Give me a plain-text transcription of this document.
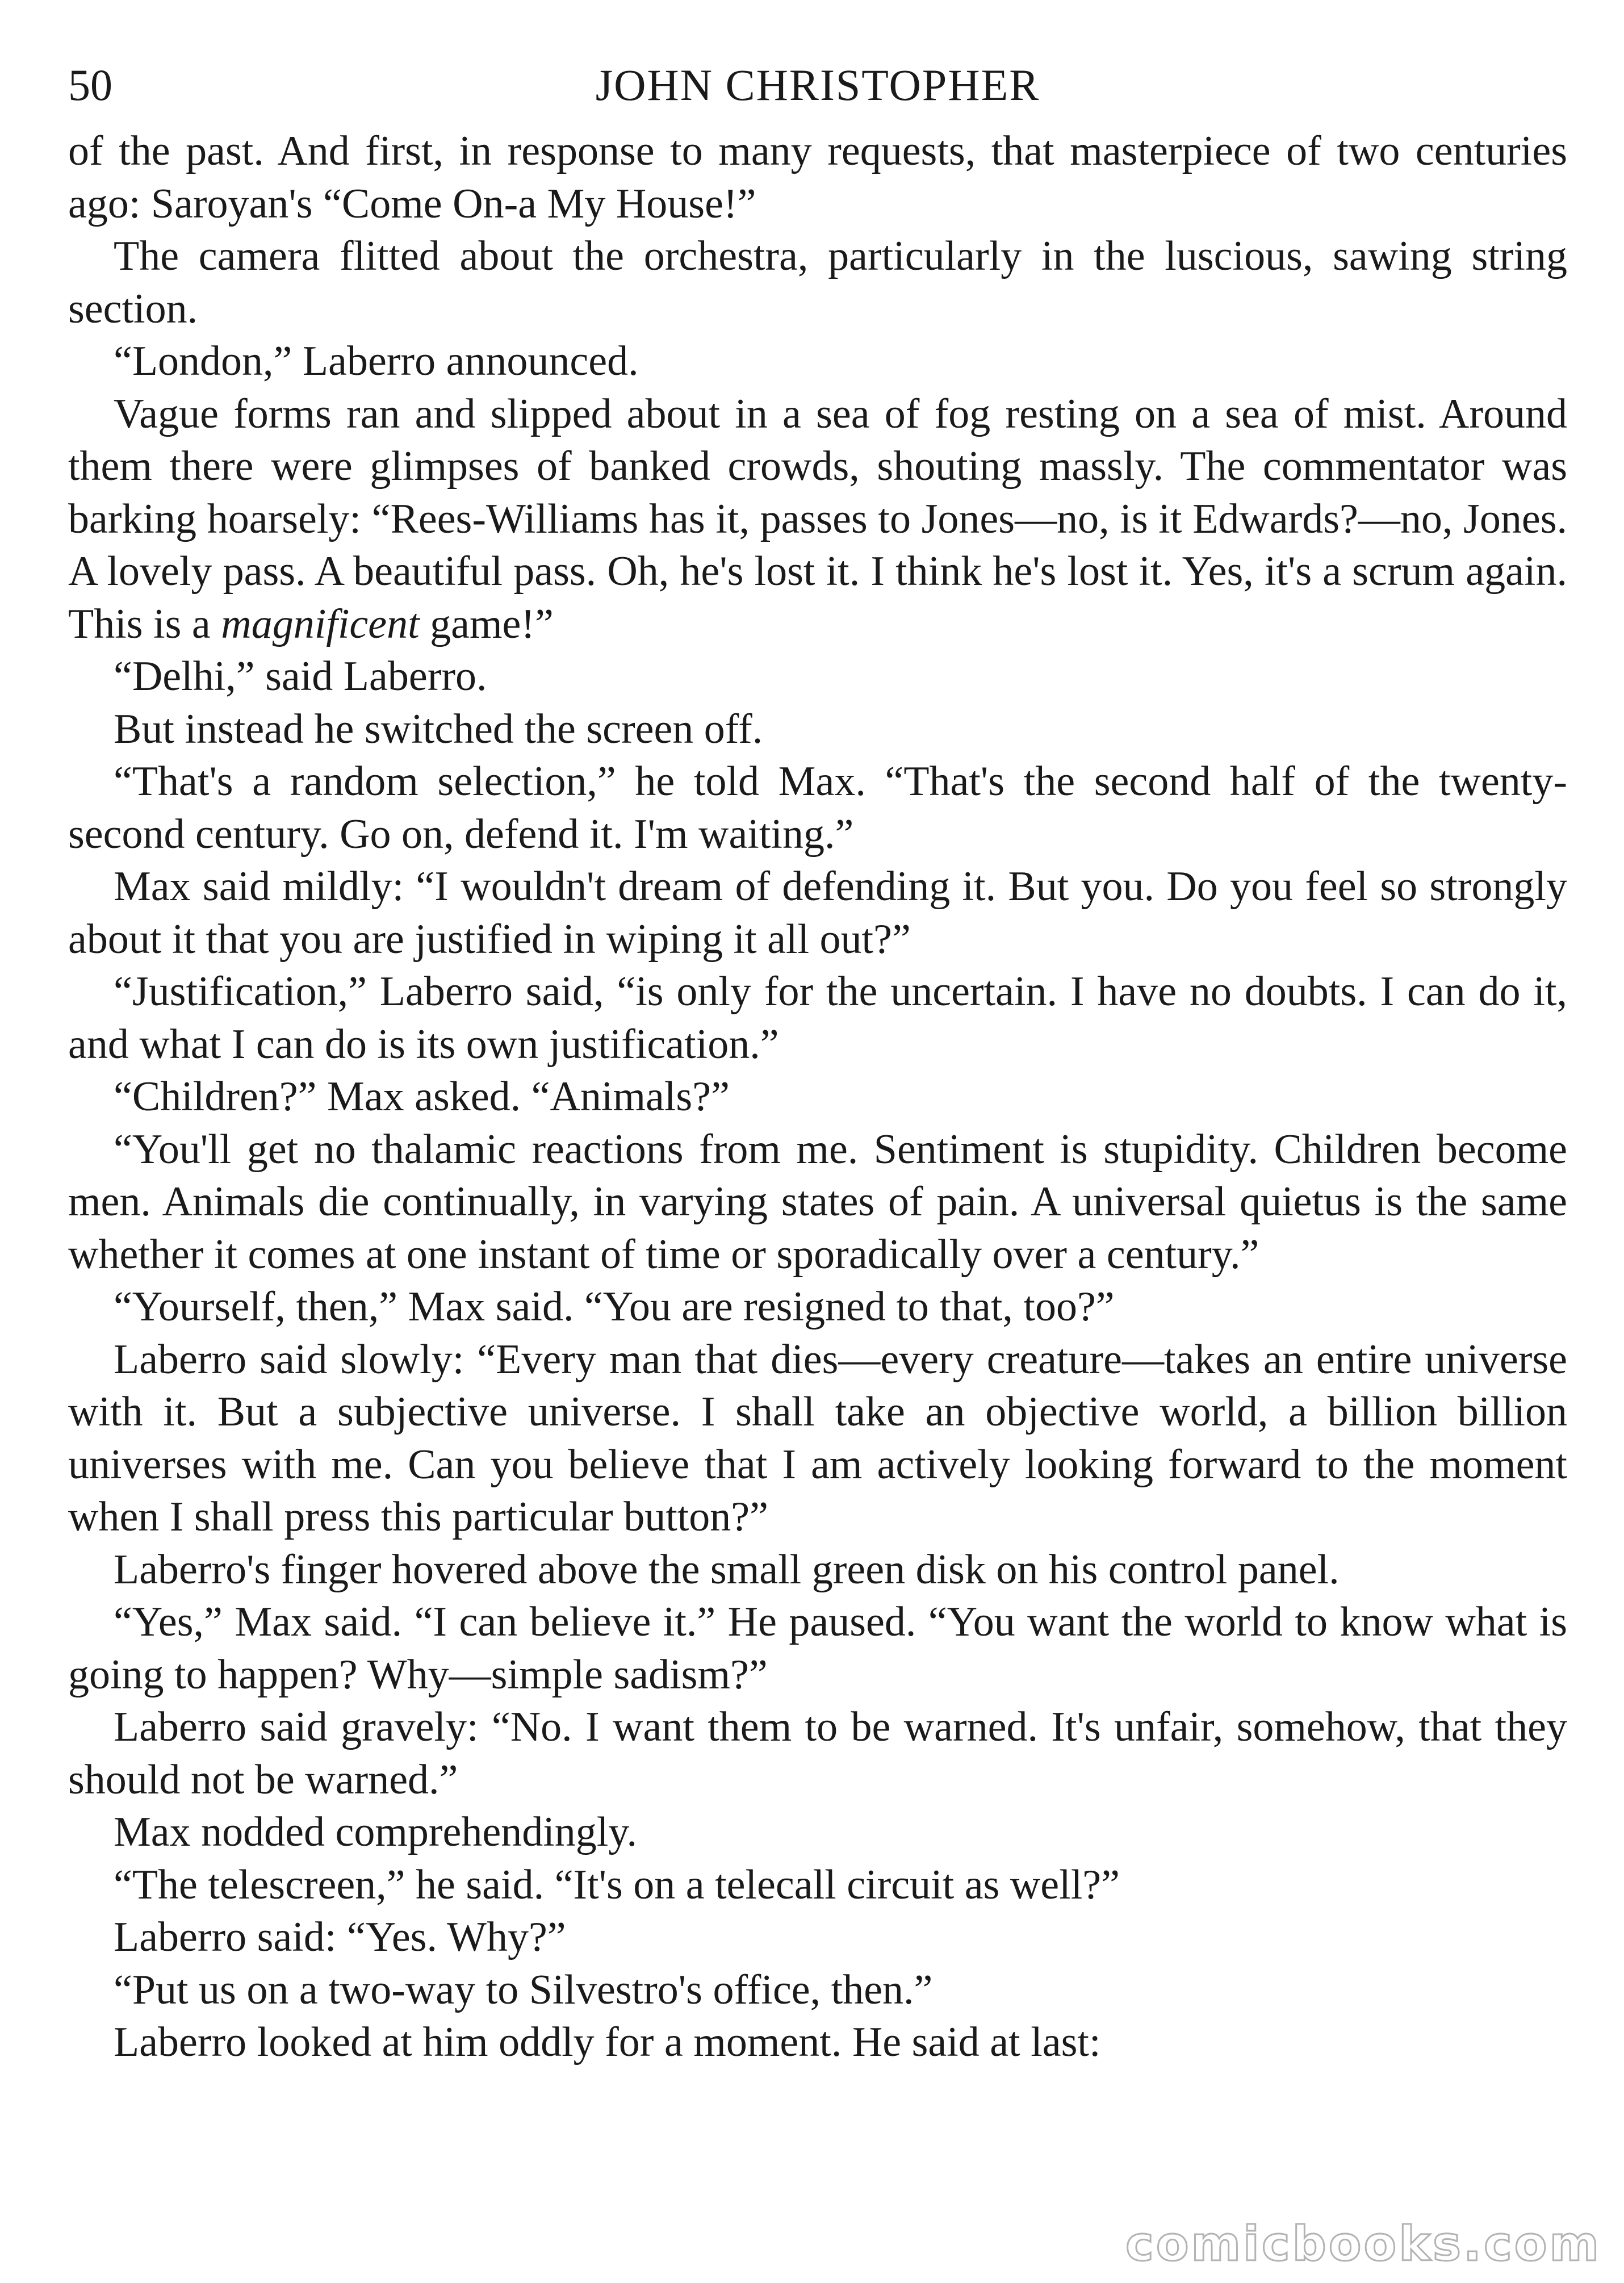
50	JOHN CHRISTOPHER

of the past. And first, in response to many requests, that masterpiece of two centuries ago: Saroyan's “Come On-a My House!”

The camera flitted about the orchestra, particularly in the luscious, sawing string section.

“London,” Laberro announced.

Vague forms ran and slipped about in a sea of fog resting on a sea of mist. Around them there were glimpses of banked crowds, shouting massly. The commentator was barking hoarsely: “Rees-Williams has it, passes to Jones—no, is it Edwards?—no, Jones. A lovely pass. A beautiful pass. Oh, he's lost it. I think he's lost it. Yes, it's a scrum again. This is a magnificent game!”

“Delhi,” said Laberro.

But instead he switched the screen off.

“That's a random selection,” he told Max. “That's the second half of the twenty-second century. Go on, defend it. I'm waiting.”

Max said mildly: “I wouldn't dream of defending it. But you. Do you feel so strongly about it that you are justified in wiping it all out?”

“Justification,” Laberro said, “is only for the uncertain. I have no doubts. I can do it, and what I can do is its own justification.”

“Children?” Max asked. “Animals?”

“You'll get no thalamic reactions from me. Sentiment is stupidity. Children become men. Animals die continually, in varying states of pain. A universal quietus is the same whether it comes at one instant of time or sporadically over a century.”

“Yourself, then,” Max said. “You are resigned to that, too?”

Laberro said slowly: “Every man that dies—every creature—takes an entire universe with it. But a subjective universe. I shall take an objective world, a billion billion universes with me. Can you believe that I am actively looking forward to the moment when I shall press this particular button?”

Laberro's finger hovered above the small green disk on his control panel.

“Yes,” Max said. “I can believe it.” He paused. “You want the world to know what is going to happen? Why—simple sadism?”

Laberro said gravely: “No. I want them to be warned. It's unfair, somehow, that they should not be warned.”

Max nodded comprehendingly.

“The telescreen,” he said. “It's on a telecall circuit as well?”

Laberro said: “Yes. Why?”

“Put us on a two-way to Silvestro's office, then.”

Laberro looked at him oddly for a moment. He said at last:

comicbooks.com
